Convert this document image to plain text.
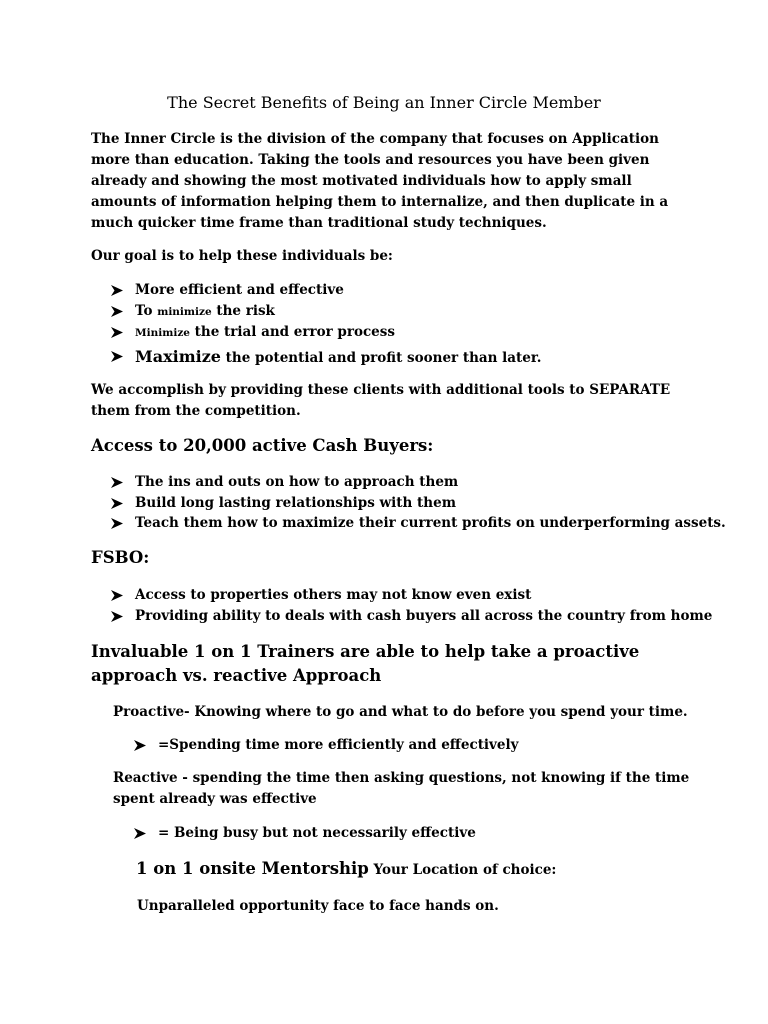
The Secret Benefits of Being an Inner Circle Member
The Inner Circle is the division of the company that focuses on Application more than education. Taking the tools and resources you have been given already and showing the most motivated individuals how to apply small amounts of information helping them to internalize, and then duplicate in a much quicker time frame than traditional study techniques.
Our goal is to help these individuals be:
More efficient and effective
To minimize the risk
Minimize the trial and error process
Maximize the potential and profit sooner than later.
We accomplish by providing these clients with additional tools to SEPARATE them from the competition.
Access to 20,000 active Cash Buyers:
The ins and outs on how to approach them
Build long lasting relationships with them
Teach them how to maximize their current profits on underperforming assets.
FSBO:
Access to properties others may not know even exist
Providing ability to deals with cash buyers all across the country from home
Invaluable 1 on 1 Trainers are able to help take a proactive approach vs. reactive Approach
Proactive- Knowing where to go and what to do before you spend your time.
=Spending time more efficiently and effectively
Reactive - spending the time then asking questions, not knowing if the time spent already was effective
= Being busy but not necessarily effective
1 on 1 onsite Mentorship Your Location of choice:
Unparalleled opportunity face to face hands on.
